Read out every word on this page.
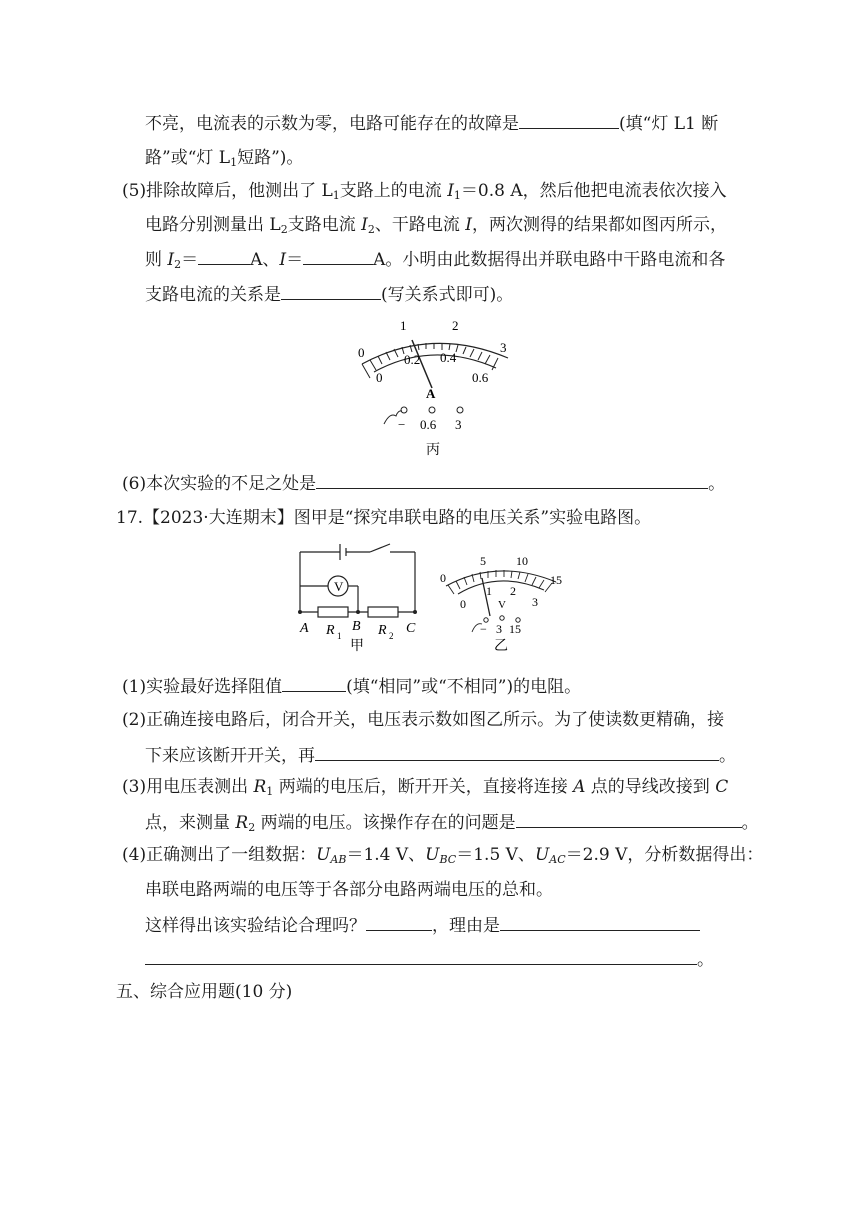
不亮，电流表的示数为零，电路可能存在的故障是	(填“灯 L1 断
路”或“灯 $L_1$短路”)。
(5)排除故障后，他测出了 $L_1$支路上的电流 $I_1=0.8$ A，然后他把电流表依次接入
电路分别测量出 $L_2$支路电流 $I_2$、干路电流 I，两次测得的结果都如图丙所示，
则 $I_2=$	A、I＝	A。小明由此数据得出并联电路中干路电流和各
支路电流的关系是	(写关系式即可)。
0
1	2
3
0
0.2 0.4
0.6
A
− 0.6 3
丙
(6)本次实验的不足之处是	。
17.【2023·大连期末】图甲是“探究串联电路的电压关系”实验电路图。
V
A	B	C
R 1	R 2
甲
0
5	10
15
0
1 2
3
V
− 3 15
乙
(1)实验最好选择阻值	(填“相同”或“不相同”)的电阻。
(2)正确连接电路后，闭合开关，电压表示数如图乙所示。为了使读数更精确，接
下来应该断开开关，再	。
(3)用电压表测出 $R_1$ 两端的电压后，断开开关，直接将连接 A 点的导线改接到 C
点，来测量 $R_2$ 两端的电压。该操作存在的问题是	。
(4)正确测出了一组数据：$U_{AB}=1.4$ V、$U_{BC}=1.5$ V、$U_{AC}=2.9$ V，分析数据得出：
串联电路两端的电压等于各部分电路两端电压的总和。
这样得出该实验结论合理吗？	，理由是
。
五、综合应用题(10 分)
